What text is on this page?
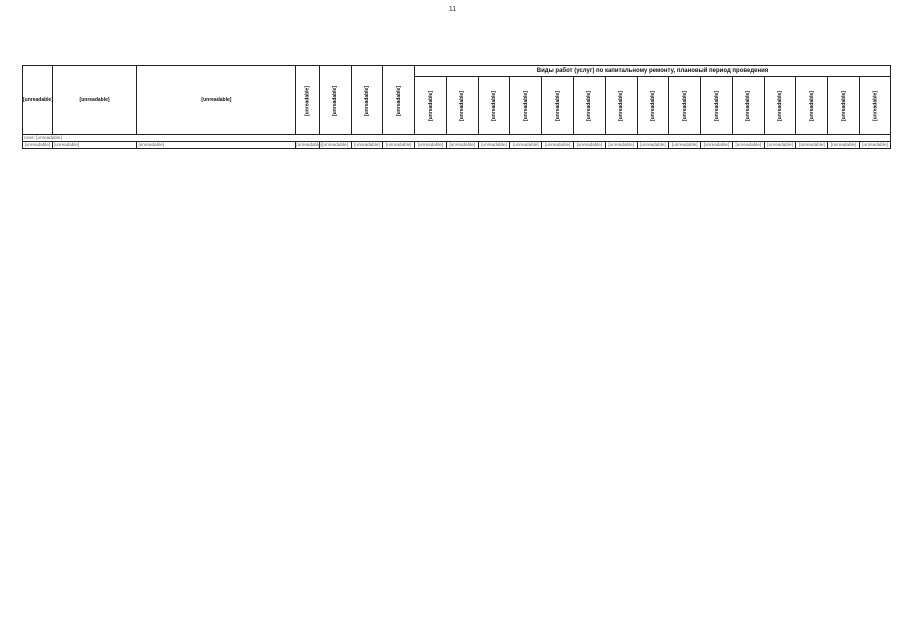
11
[unreadable]	[unreadable]	[unreadable]	[unreadable]	[unreadable]	[unreadable]	[unreadable]	Виды работ (услуг) по капитальному ремонту, плановый период проведения														
							[unreadable]	[unreadable]	[unreadable]	[unreadable]	[unreadable]	[unreadable]	[unreadable]	[unreadable]	[unreadable]	[unreadable]	[unreadable]	[unreadable]	[unreadable]	[unreadable]	[unreadable]
rows: [unreadable]																					
[unreadable]	[unreadable]	[unreadable]	[unreadable]	[unreadable]	[unreadable]	[unreadable]	[unreadable]	[unreadable]	[unreadable]	[unreadable]	[unreadable]	[unreadable]	[unreadable]	[unreadable]	[unreadable]	[unreadable]	[unreadable]	[unreadable]	[unreadable]	[unreadable]	[unreadable]
